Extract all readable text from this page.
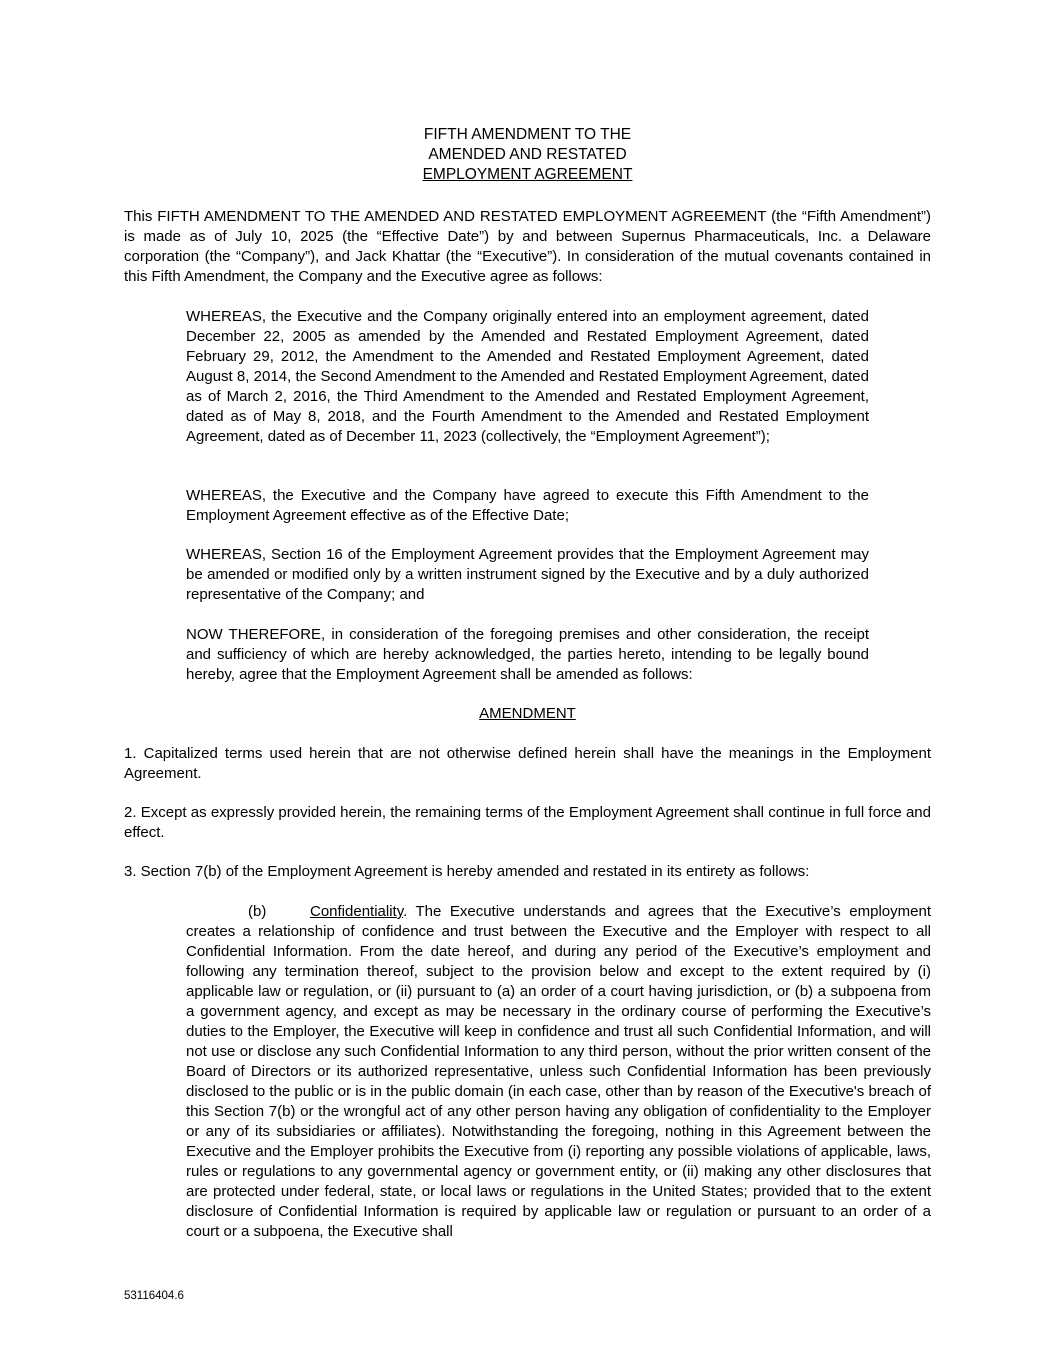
FIFTH AMENDMENT TO THE
AMENDED AND RESTATED
EMPLOYMENT AGREEMENT

This FIFTH AMENDMENT TO THE AMENDED AND RESTATED EMPLOYMENT AGREEMENT (the “Fifth Amendment”) is made as of July 10, 2025 (the “Effective Date”) by and between Supernus Pharmaceuticals, Inc. a Delaware corporation (the “Company”), and Jack Khattar (the “Executive”). In consideration of the mutual covenants contained in this Fifth Amendment, the Company and the Executive agree as follows:

WHEREAS, the Executive and the Company originally entered into an employment agreement, dated December 22, 2005 as amended by the Amended and Restated Employment Agreement, dated February 29, 2012, the Amendment to the Amended and Restated Employment Agreement, dated August 8, 2014, the Second Amendment to the Amended and Restated Employment Agreement, dated as of March 2, 2016, the Third Amendment to the Amended and Restated Employment Agreement, dated as of May 8, 2018, and the Fourth Amendment to the Amended and Restated Employment Agreement, dated as of December 11, 2023 (collectively, the “Employment Agreement”);

WHEREAS, the Executive and the Company have agreed to execute this Fifth Amendment to the Employment Agreement effective as of the Effective Date;

WHEREAS, Section 16 of the Employment Agreement provides that the Employment Agreement may be amended or modified only by a written instrument signed by the Executive and by a duly authorized representative of the Company; and

NOW THEREFORE, in consideration of the foregoing premises and other consideration, the receipt and sufficiency of which are hereby acknowledged, the parties hereto, intending to be legally bound hereby, agree that the Employment Agreement shall be amended as follows:

AMENDMENT

1. Capitalized terms used herein that are not otherwise defined herein shall have the meanings in the Employment Agreement.

2. Except as expressly provided herein, the remaining terms of the Employment Agreement shall continue in full force and effect.

3. Section 7(b) of the Employment Agreement is hereby amended and restated in its entirety as follows:

(b)	Confidentiality. The Executive understands and agrees that the Executive’s employment creates a relationship of confidence and trust between the Executive and the Employer with respect to all Confidential Information. From the date hereof, and during any period of the Executive’s employment and following any termination thereof, subject to the provision below and except to the extent required by (i) applicable law or regulation, or (ii) pursuant to (a) an order of a court having jurisdiction, or (b) a subpoena from a government agency, and except as may be necessary in the ordinary course of performing the Executive’s duties to the Employer, the Executive will keep in confidence and trust all such Confidential Information, and will not use or disclose any such Confidential Information to any third person, without the prior written consent of the Board of Directors or its authorized representative, unless such Confidential Information has been previously disclosed to the public or is in the public domain (in each case, other than by reason of the Executive's breach of this Section 7(b) or the wrongful act of any other person having any obligation of confidentiality to the Employer or any of its subsidiaries or affiliates). Notwithstanding the foregoing, nothing in this Agreement between the Executive and the Employer prohibits the Executive from (i) reporting any possible violations of applicable, laws, rules or regulations to any governmental agency or government entity, or (ii) making any other disclosures that are protected under federal, state, or local laws or regulations in the United States; provided that to the extent disclosure of Confidential Information is required by applicable law or regulation or pursuant to an order of a court or a subpoena, the Executive shall

53116404.6
